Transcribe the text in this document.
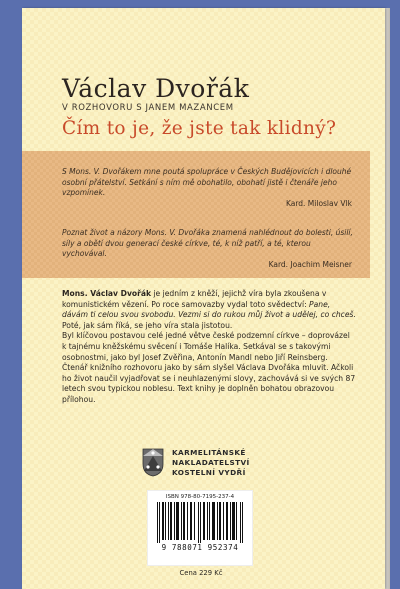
Václav Dvořák
V ROZHOVORU S JANEM MAZANCEM
Čím to je, že jste tak klidný?
S Mons. V. Dvořákem mne poutá spolupráce v Českých Budějovicích i dlouhé osobní přátelství. Setkání s ním mě obohatilo, obohatí jistě i čtenáře jeho vzpomínek.
Kard. Miloslav Vlk
Poznat život a názory Mons. V. Dvořáka znamená nahlédnout do bolesti, úsilí, síly a obětí dvou generací české církve, té, k níž patří, a té, kterou vychovával.
Kard. Joachim Meisner

Mons. Václav Dvořák je jedním z kněží, jejichž víra byla zkoušena v komunistickém vězení. Po roce samovazby vydal toto svědectví: Pane, dávám ti celou svou svobodu. Vezmi si do rukou můj život a udělej, co chceš. Poté, jak sám říká, se jeho víra stala jistotou.

Byl klíčovou postavou celé jedné větve české podzemní církve – doprovázel k tajnému kněžskému svěcení i Tomáše Halíka. Setkával se s takovými osobnostmi, jako byl Josef Zvěřina, Antonín Mandl nebo Jiří Reinsberg.

Čtenář knižního rozhovoru jako by sám slyšel Václava Dvořáka mluvit. Ačkoli ho život naučil vyjadřovat se i neuhlazenými slovy, zachovává si ve svých 87 letech svou typickou noblesu. Text knihy je doplněn bohatou obrazovou přílohou.

KARMELITÁNSKÉ
NAKLADATELSTVÍ
KOSTELNÍ VYDŘÍ
ISBN 978-80-7195-237-4
9 788071 952374
Cena 229 Kč
